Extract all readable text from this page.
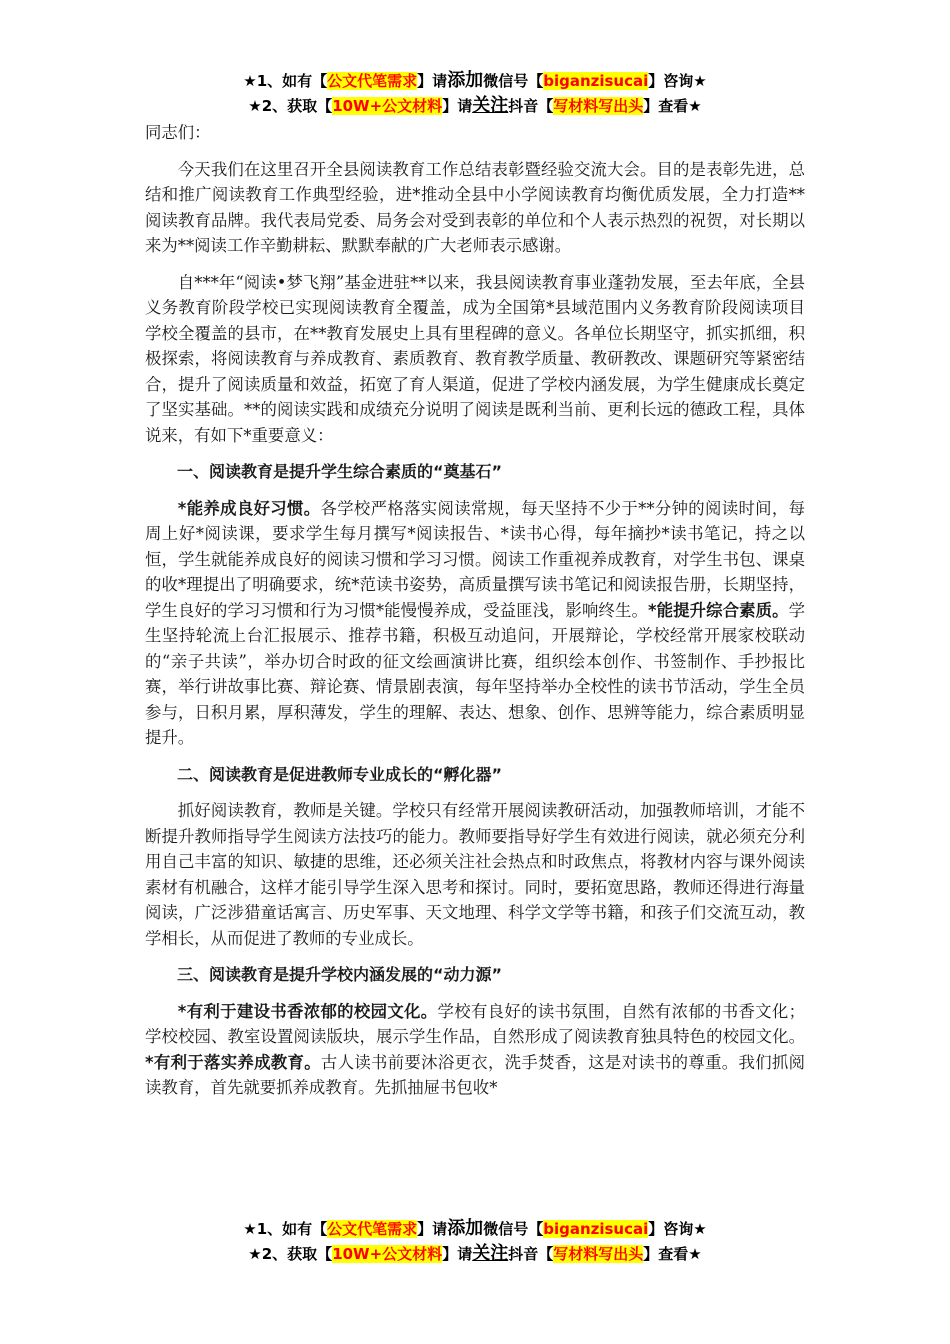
★1、如有【公文代笔需求】请添加微信号【biganzisucai】咨询★
★2、获取【10W+公文材料】请关注抖音【写材料写出头】查看★

同志们：

今天我们在这里召开全县阅读教育工作总结表彰暨经验交流大会。目的是表彰先进，总结和推广阅读教育工作典型经验，进*推动全县中小学阅读教育均衡优质发展，全力打造**阅读教育品牌。我代表局党委、局务会对受到表彰的单位和个人表示热烈的祝贺，对长期以来为**阅读工作辛勤耕耘、默默奉献的广大老师表示感谢。

自***年“阅读•梦飞翔”基金进驻**以来，我县阅读教育事业蓬勃发展，至去年底，全县义务教育阶段学校已实现阅读教育全覆盖，成为全国第*县域范围内义务教育阶段阅读项目学校全覆盖的县市，在**教育发展史上具有里程碑的意义。各单位长期坚守，抓实抓细，积极探索，将阅读教育与养成教育、素质教育、教育教学质量、教研教改、课题研究等紧密结合，提升了阅读质量和效益，拓宽了育人渠道，促进了学校内涵发展，为学生健康成长奠定了坚实基础。**的阅读实践和成绩充分说明了阅读是既利当前、更利长远的德政工程，具体说来，有如下*重要意义：

一、阅读教育是提升学生综合素质的“奠基石”

*能养成良好习惯。各学校严格落实阅读常规，每天坚持不少于**分钟的阅读时间，每周上好*阅读课，要求学生每月撰写*阅读报告、*读书心得，每年摘抄*读书笔记，持之以恒，学生就能养成良好的阅读习惯和学习习惯。阅读工作重视养成教育，对学生书包、课桌的收*理提出了明确要求，统*范读书姿势，高质量撰写读书笔记和阅读报告册，长期坚持，学生良好的学习习惯和行为习惯*能慢慢养成，受益匪浅，影响终生。*能提升综合素质。学生坚持轮流上台汇报展示、推荐书籍，积极互动追问，开展辩论，学校经常开展家校联动的“亲子共读”，举办切合时政的征文绘画演讲比赛，组织绘本创作、书签制作、手抄报比赛，举行讲故事比赛、辩论赛、情景剧表演，每年坚持举办全校性的读书节活动，学生全员参与，日积月累，厚积薄发，学生的理解、表达、想象、创作、思辨等能力，综合素质明显提升。

二、阅读教育是促进教师专业成长的“孵化器”

抓好阅读教育，教师是关键。学校只有经常开展阅读教研活动，加强教师培训，才能不断提升教师指导学生阅读方法技巧的能力。教师要指导好学生有效进行阅读，就必须充分利用自己丰富的知识、敏捷的思维，还必须关注社会热点和时政焦点，将教材内容与课外阅读素材有机融合，这样才能引导学生深入思考和探讨。同时，要拓宽思路，教师还得进行海量阅读，广泛涉猎童话寓言、历史军事、天文地理、科学文学等书籍，和孩子们交流互动，教学相长，从而促进了教师的专业成长。

三、阅读教育是提升学校内涵发展的“动力源”

*有利于建设书香浓郁的校园文化。学校有良好的读书氛围，自然有浓郁的书香文化；学校校园、教室设置阅读版块，展示学生作品，自然形成了阅读教育独具特色的校园文化。*有利于落实养成教育。古人读书前要沐浴更衣，洗手焚香，这是对读书的尊重。我们抓阅读教育，首先就要抓养成教育。先抓抽屉书包收*

★1、如有【公文代笔需求】请添加微信号【biganzisucai】咨询★
★2、获取【10W+公文材料】请关注抖音【写材料写出头】查看★
